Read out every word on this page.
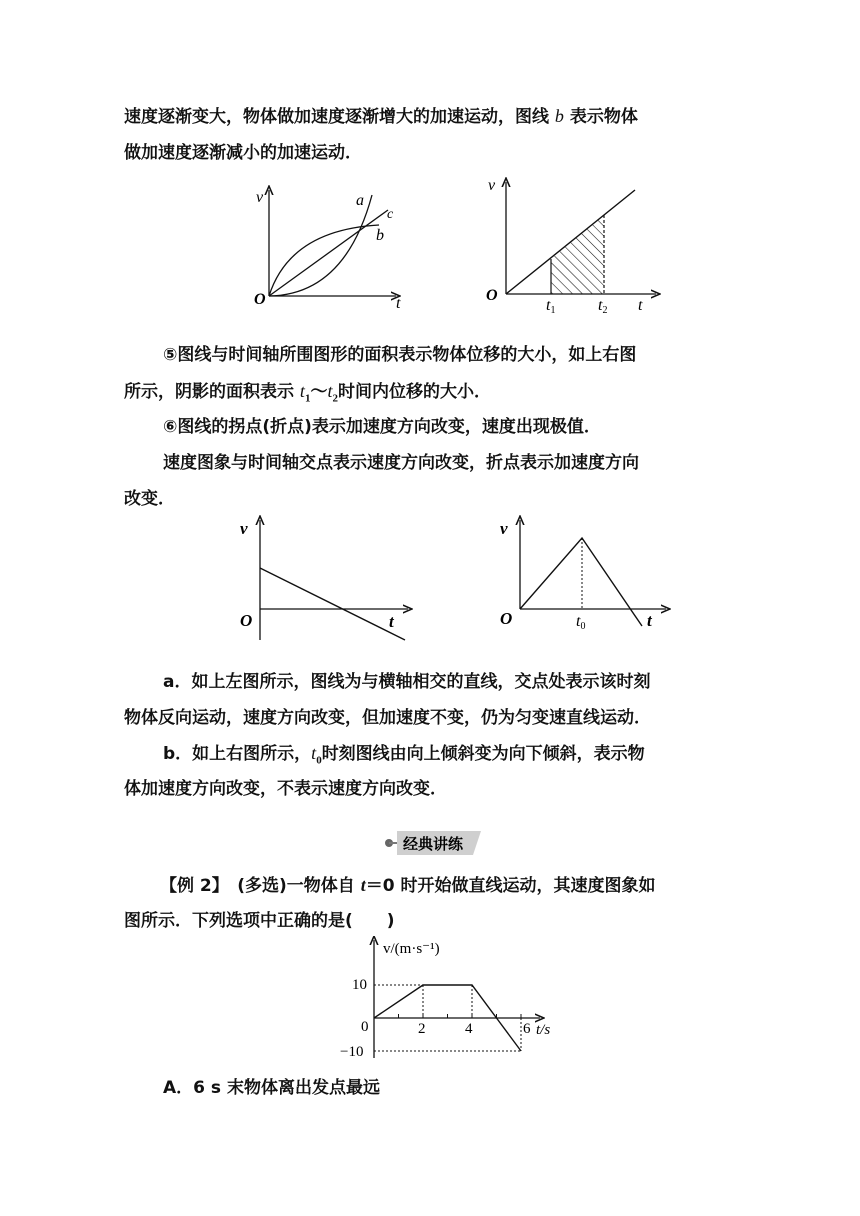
速度逐渐变大，物体做加速度逐渐增大的加速运动，图线 b 表示物体
做加速度逐渐减小的加速运动．
v
t
O
a
c
b
v
t
O
t1	t2
⑤图线与时间轴所围图形的面积表示物体位移的大小，如上右图
所示，阴影的面积表示 $t_1\sim t_2$时间内位移的大小．
⑥图线的拐点(折点)表示加速度方向改变，速度出现极值．
速度图象与时间轴交点表示速度方向改变，折点表示加速度方向
改变．
v
t
O
v
t
O	t0
a．如上左图所示，图线为与横轴相交的直线，交点处表示该时刻
物体反向运动，速度方向改变，但加速度不变，仍为匀变速直线运动．
b．如上右图所示，$t_0$时刻图线由向上倾斜变为向下倾斜，表示物
体加速度方向改变，不表示速度方向改变．
经典讲练
【例 2】　(多选)一物体自 t＝0 时开始做直线运动，其速度图象如
图所示．下列选项中正确的是(　　)
v/(m·s⁻¹)
t/s
10
0
−10
2	4	6
A．6 s 末物体离出发点最远
